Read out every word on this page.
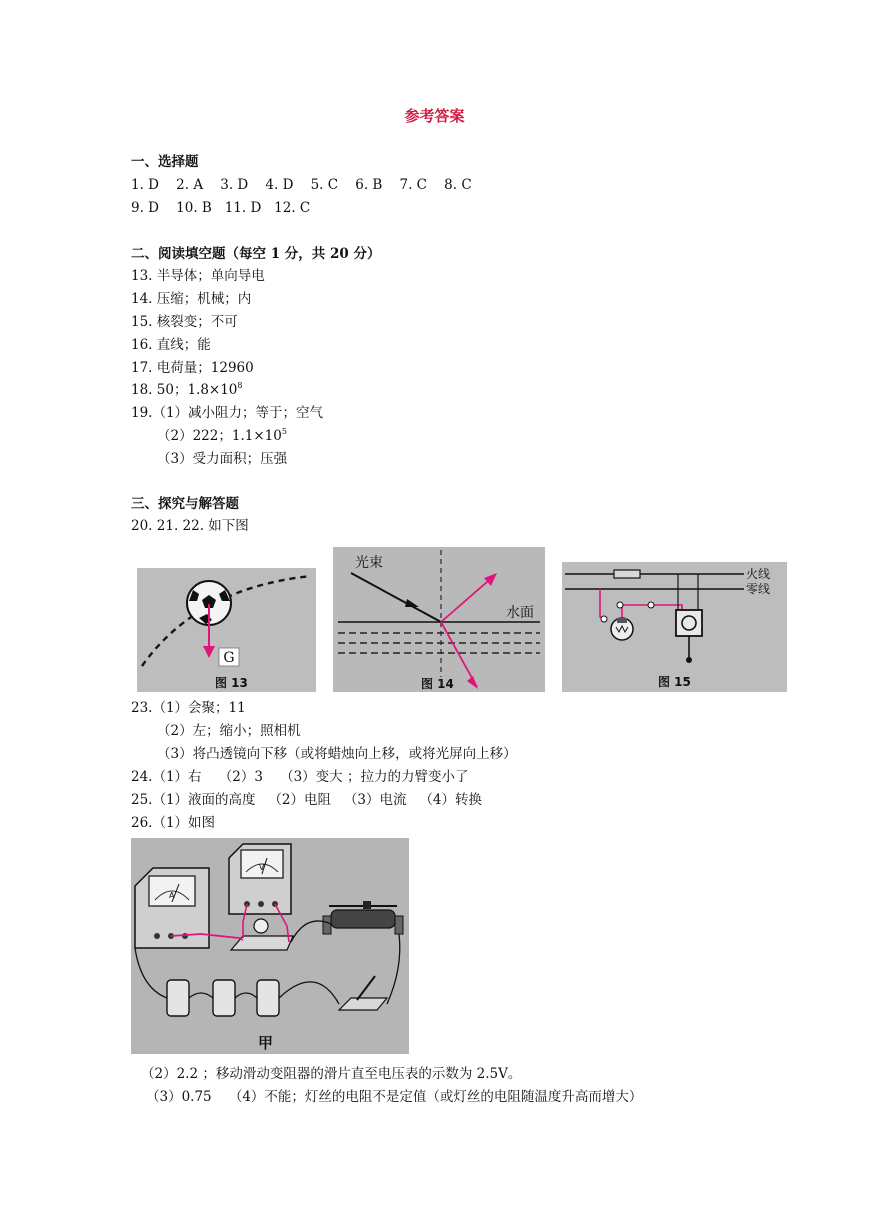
参考答案
一、选择题
1. D    2. A    3. D    4. D    5. C    6. B    7. C    8. C
9. D    10. B   11. D   12. C
二、阅读填空题（每空 1 分，共 20 分）
13. 半导体；单向导电
14. 压缩；机械；内
15. 核裂变；不可
16. 直线；能
17. 电荷量；12960
18. 50；$1.8\times 10^8$
19.（1）减小阻力；等于；空气
（2）222；$1.1\times 10^5$
（3）受力面积；压强
三、探究与解答题
20. 21. 22. 如下图
G
图 13
光束
水面
图 14
火线
零线
图 15
23.（1）会聚；11
（2）左；缩小；照相机
（3）将凸透镜向下移（或将蜡烛向上移，或将光屏向上移）
24.（1）右    （2）3    （3）变大 ；拉力的力臂变小了
25.（1）液面的高度   （2）电阻   （3）电流   （4）转换
26.（1）如图
A
V
甲
（2）2.2 ；移动滑动变阻器的滑片直至电压表的示数为 2.5V。
（3）0.75    （4）不能；灯丝的电阻不是定值（或灯丝的电阻随温度升高而增大）
